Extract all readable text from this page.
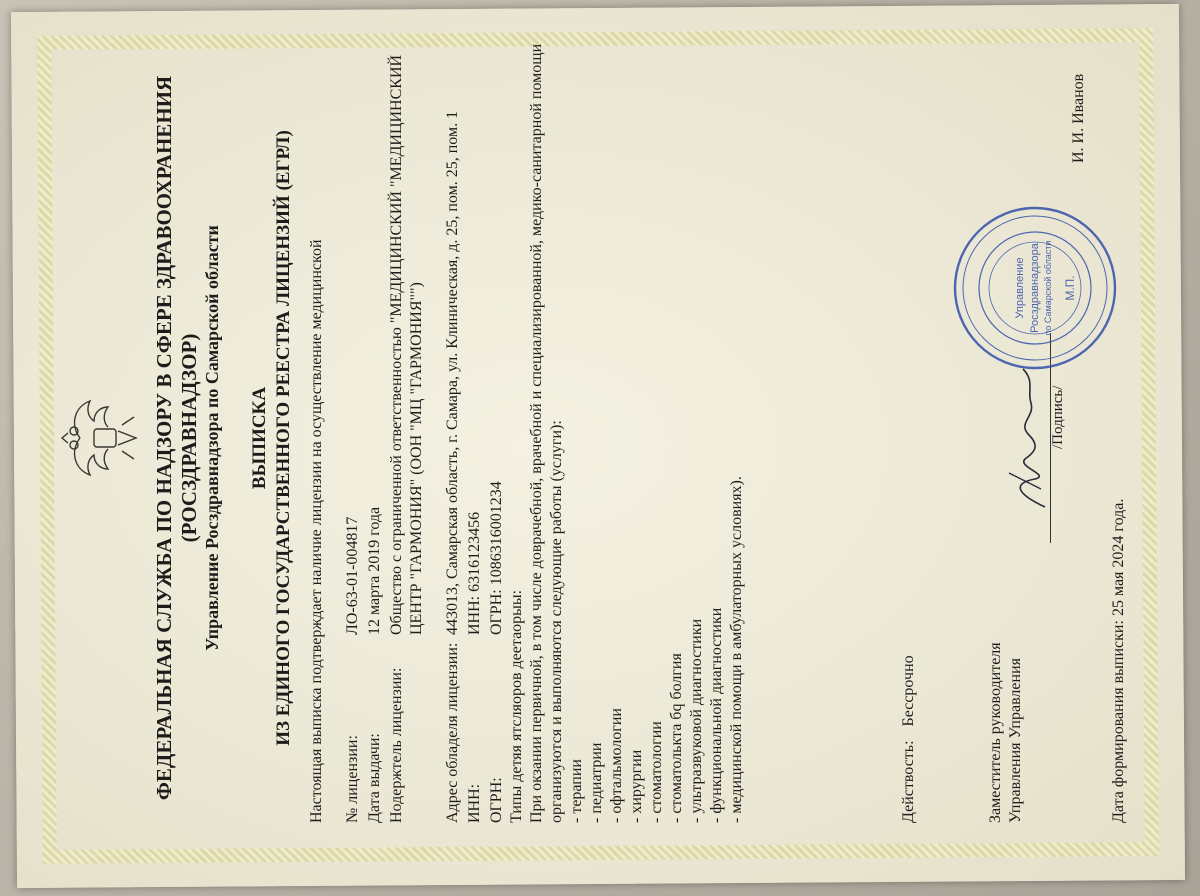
ФЕДЕРАЛЬНАЯ СЛУЖБА ПО НАДЗОРУ В СФЕРЕ ЗДРАВООХРАНЕНИЯ (РОСЗДРАВНАДЗОР) Управление Росздравнадзора по Самарской области ВЫПИСКА ИЗ ЕДИНОГО ГОСУДАРСТВЕННОГО РЕЕСТРА ЛИЦЕНЗИЙ (ЕГРЛ) Настоящая выписка подтверждает наличие лицензии на осуществление медицинской № лицензии:
ЛО-63-01-004817
Дата выдачи:
12 марта 2019 года
Нодержтель лицензии:
Общество с ограниченной ответственностью "МЕДИЦИНСКИЙ "МЕДИЦИНСКИЙ ЦЕНТР "ГАРМОНИЯ" (ООН "МЦ "ГАРМОНИЯ"")
Адрес обладеля лицензии:
443013, Самарская область, г. Самара, ул. Клиническая, д. 25, пом. 25, пом. 1
ИНН:
ИНН: 6316123456
ОГРН:
ОГРН: 1086316001234
Типы детяя ятсляоров деетаорыы: При окзании первичной, в том числе доврачебной, врачебной и специализированной, медико-санитарной помощи организуются и выполняются следующие работы (услуги): - терапии - педиатрии - офтальмологии - хирургии - стоматологии - стоматолькта бq болгия - ультразвуковой диагностики - функциональной диагностики - медицинской помощи в амбулаторных условиях).	Действость:Бессрочно	Заместитель руководителя Управления Управления
/Подпись/
Управление Росздравнадзора по Самарской области М.П.
И. И. Иванов
Дата формирования выписки: 25 мая 2024 года.
